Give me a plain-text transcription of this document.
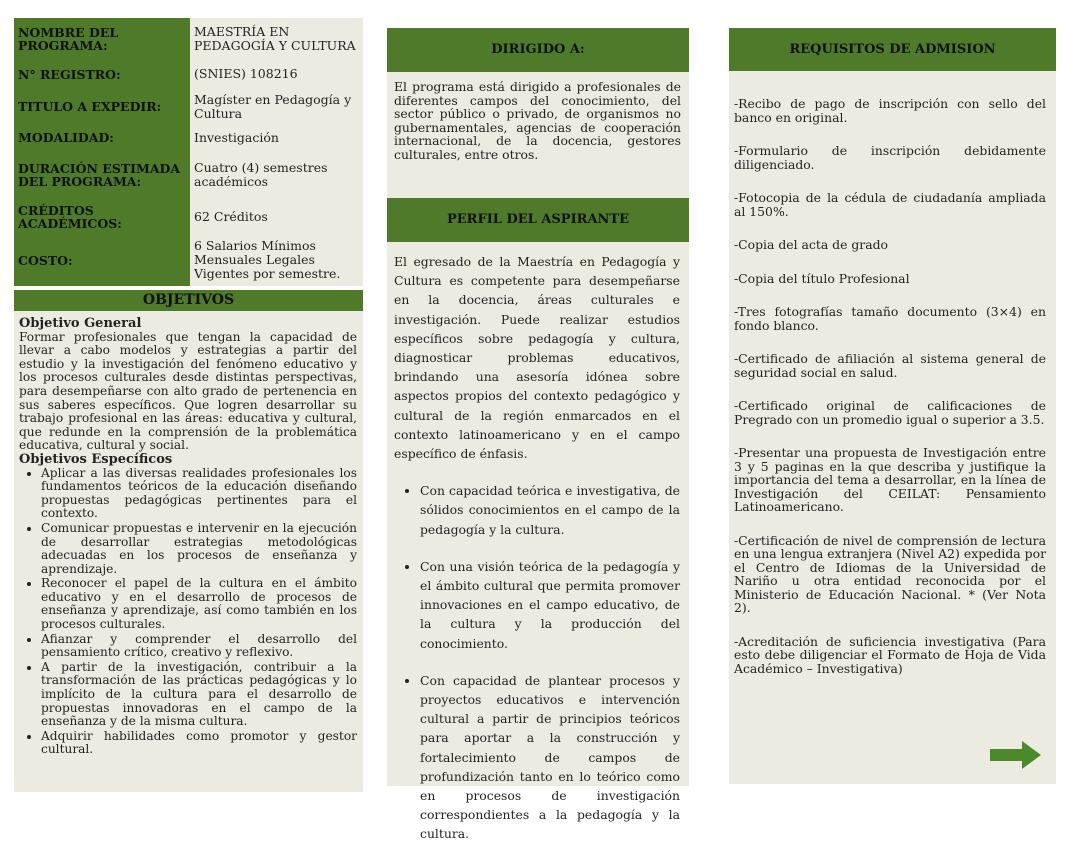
NOMBRE DEL PROGRAMA:	MAESTRÍA EN PEDAGOGÍA Y CULTURA
N° REGISTRO:	(SNIES) 108216
TITULO A EXPEDIR:	Magíster en Pedagogía y Cultura
MODALIDAD:	Investigación
DURACIÓN ESTIMADA DEL PROGRAMA:	Cuatro (4) semestres académicos
CRÉDITOS ACADÉMICOS:	62 Créditos
COSTO:	6 Salarios Mínimos Mensuales Legales Vigentes por semestre.
OBJETIVOS
Objetivo General

Formar profesionales que tengan la capacidad de llevar a cabo modelos y estrategias a partir del estudio y la investigación del fenómeno educativo y los procesos culturales desde distintas perspectivas, para desempeñarse con alto grado de pertenencia en sus saberes específicos. Que logren desarrollar su trabajo profesional en las áreas: educativa y cultural, que redunde en la comprensión de la problemática educativa, cultural y social.

Objetivos Específicos
• Aplicar a las diversas realidades profesionales los fundamentos teóricos de la educación diseñando propuestas pedagógicas pertinentes para el contexto.
• Comunicar propuestas e intervenir en la ejecución de desarrollar estrategias metodológicas adecuadas en los procesos de enseñanza y aprendizaje.
• Reconocer el papel de la cultura en el ámbito educativo y en el desarrollo de procesos de enseñanza y aprendizaje, así como también en los procesos culturales.
• Afianzar y comprender el desarrollo del pensamiento crítico, creativo y reflexivo.
• A partir de la investigación, contribuir a la transformación de las prácticas pedagógicas y lo implícito de la cultura para el desarrollo de propuestas innovadoras en el campo de la enseñanza y de la misma cultura.
• Adquirir habilidades como promotor y gestor cultural.
DIRIGIDO A:
El programa está dirigido a profesionales de diferentes campos del conocimiento, del sector público o privado, de organismos no gubernamentales, agencias de cooperación internacional, de la docencia, gestores culturales, entre otros.
PERFIL DEL ASPIRANTE

El egresado de la Maestría en Pedagogía y Cultura es competente para desempeñarse en la docencia, áreas culturales e investigación. Puede realizar estudios específicos sobre pedagogía y cultura, diagnosticar problemas educativos, brindando una asesoría idónea sobre aspectos propios del contexto pedagógico y cultural de la región enmarcados en el contexto latinoamericano y en el campo específico de énfasis.

• Con capacidad teórica e investigativa, de sólidos conocimientos en el campo de la pedagogía y la cultura.
• Con una visión teórica de la pedagogía y el ámbito cultural que permita promover innovaciones en el campo educativo, de la cultura y la producción del conocimiento.
• Con capacidad de plantear procesos y proyectos educativos e intervención cultural a partir de principios teóricos para aportar a la construcción y fortalecimiento de campos de profundización tanto en lo teórico como en procesos de investigación correspondientes a la pedagogía y la cultura.
REQUISITOS DE ADMISION

-Recibo de pago de inscripción con sello del banco en original.

-Formulario de inscripción debidamente diligenciado.

-Fotocopia de la cédula de ciudadanía ampliada al 150%.

-Copia del acta de grado

-Copia del título Profesional

-Tres fotografías tamaño documento (3×4) en fondo blanco.

-Certificado de afiliación al sistema general de seguridad social en salud.

-Certificado original de calificaciones de Pregrado con un promedio igual o superior a 3.5.

-Presentar una propuesta de Investigación entre 3 y 5 paginas en la que describa y justifique la importancia del tema a desarrollar, en la línea de Investigación del CEILAT: Pensamiento Latinoamericano.

-Certificación de nivel de comprensión de lectura en una lengua extranjera (Nivel A2) expedida por el Centro de Idiomas de la Universidad de Nariño u otra entidad reconocida por el Ministerio de Educación Nacional. * (Ver Nota 2).

-Acreditación de suficiencia investigativa (Para esto debe diligenciar el Formato de Hoja de Vida Académico – Investigativa)
